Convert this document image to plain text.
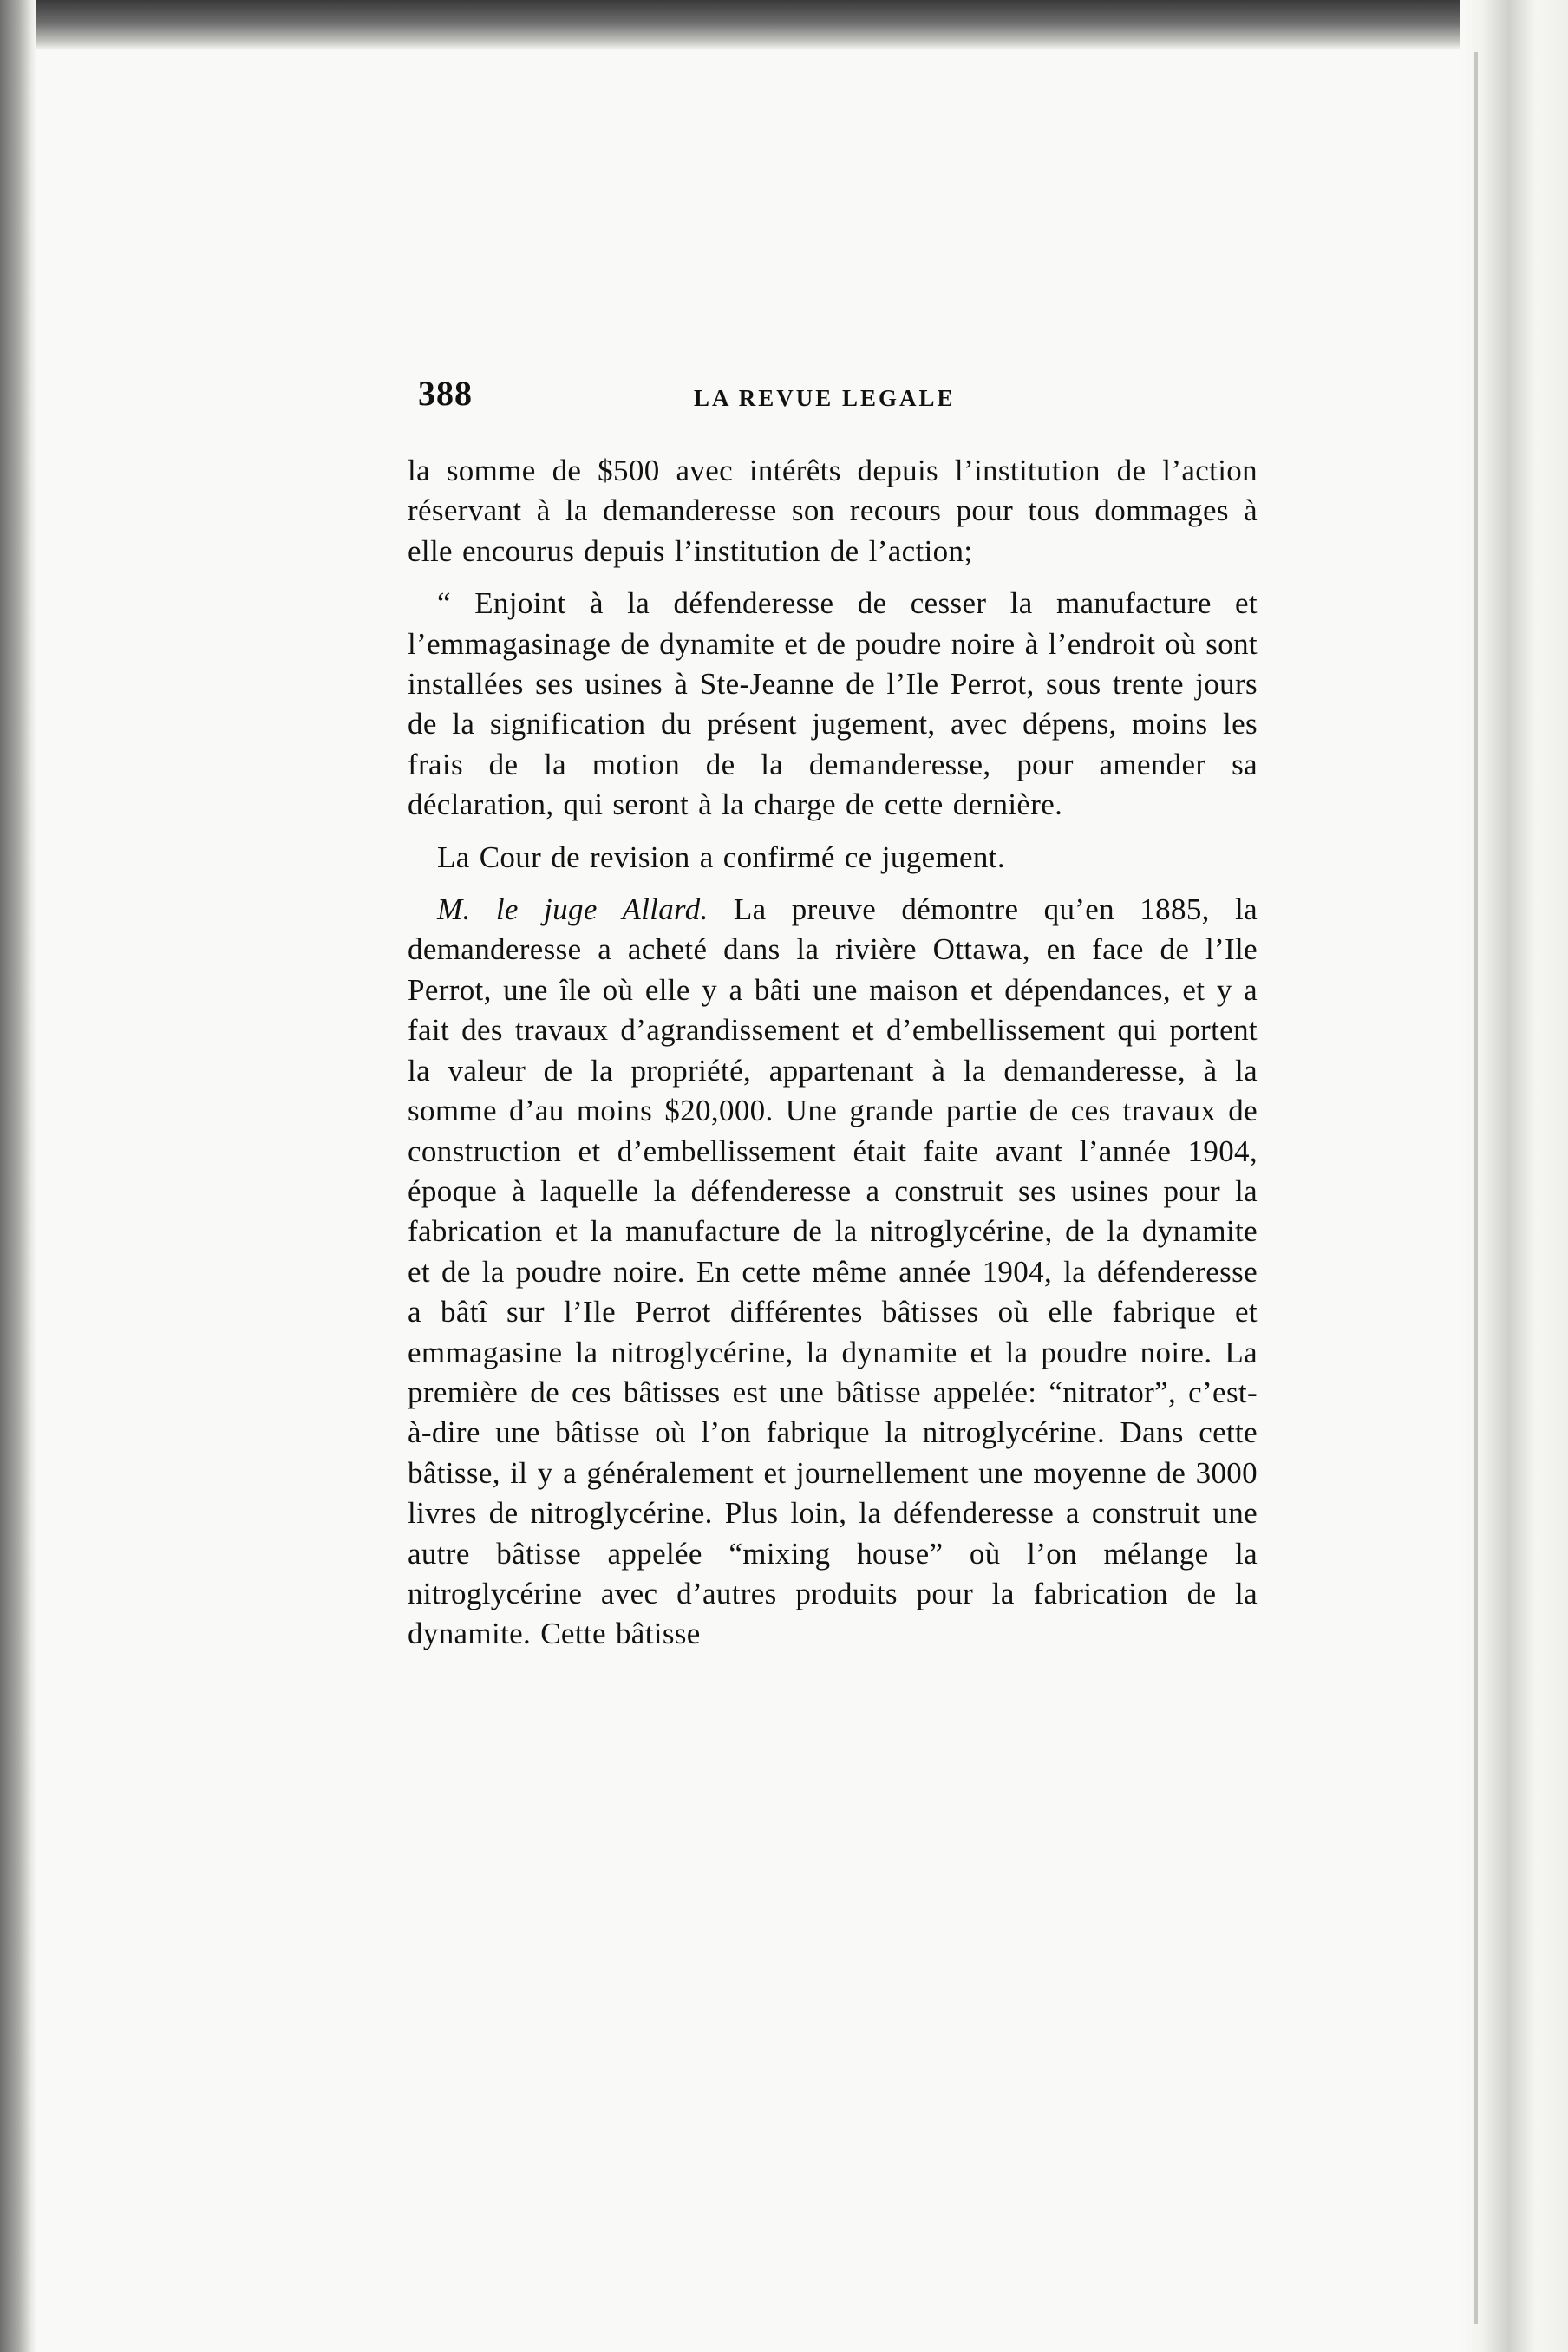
388	LA REVUE LEGALE

la somme de $500 avec intérêts depuis l’institution de l’action réservant à la demanderesse son recours pour tous dommages à elle encourus depuis l’institution de l’action;

“ Enjoint à la défenderesse de cesser la manufacture et l’emmagasinage de dynamite et de poudre noire à l’endroit où sont installées ses usines à Ste-Jeanne de l’Ile Perrot, sous trente jours de la signification du présent jugement, avec dépens, moins les frais de la motion de la demanderesse, pour amender sa déclaration, qui seront à la charge de cette dernière.

La Cour de revision a confirmé ce jugement.

M. le juge Allard. La preuve démontre qu’en 1885, la demanderesse a acheté dans la rivière Ottawa, en face de l’Ile Perrot, une île où elle y a bâti une maison et dépendances, et y a fait des travaux d’agrandissement et d’embellissement qui portent la valeur de la propriété, appartenant à la demanderesse, à la somme d’au moins $20,000. Une grande partie de ces travaux de construction et d’embellissement était faite avant l’année 1904, époque à laquelle la défenderesse a construit ses usines pour la fabrication et la manufacture de la nitroglycérine, de la dynamite et de la poudre noire. En cette même année 1904, la défenderesse a bâtî sur l’Ile Perrot différentes bâtisses où elle fabrique et emmagasine la nitroglycérine, la dynamite et la poudre noire. La première de ces bâtisses est une bâtisse appelée: “nitrator”, c’est-à-dire une bâtisse où l’on fabrique la nitroglycérine. Dans cette bâtisse, il y a généralement et journellement une moyenne de 3000 livres de nitroglycérine. Plus loin, la défenderesse a construit une autre bâtisse appelée “mixing house” où l’on mélange la nitroglycérine avec d’autres produits pour la fabrication de la dynamite. Cette bâtisse
